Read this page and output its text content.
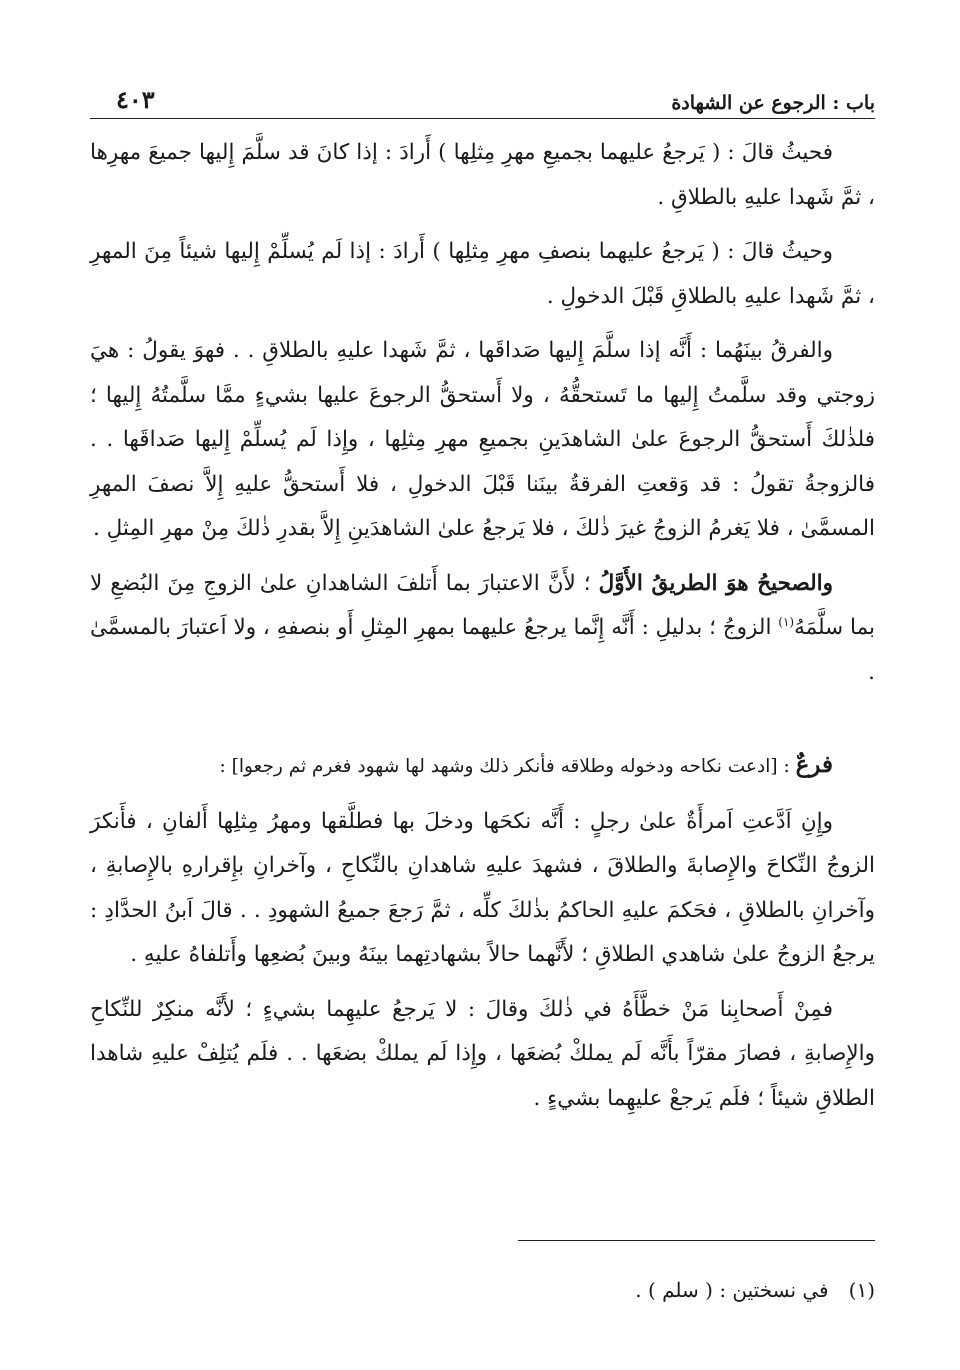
باب : الرجوع عن الشهادة
٤٠٣

فحيثُ قالَ : ( يَرجعُ عليهما بجميعِ مهرِ مِثلِها ) أَرادَ : إذا كانَ قد سلَّمَ إِليها جميعَ مهرِها ، ثمَّ شَهدا عليهِ بالطلاقِ .

وحيثُ قالَ : ( يَرجعُ عليهما بنصفِ مهرِ مِثلِها ) أَرادَ : إذا لَم يُسلِّمْ إِليها شيئاً مِنَ المهرِ ، ثمَّ شَهدا عليهِ بالطلاقِ قَبْلَ الدخولِ .

والفرقُ بينَهُما : أَنَّه إذا سلَّمَ إِليها صَداقَها ، ثمَّ شَهدا عليهِ بالطلاقِ . . فهوَ يقولُ : هيَ زوجتي وقد سلَّمتُ إِليها ما تَستحقُّهُ ، ولا أَستحقُّ الرجوعَ عليها بشيءٍ ممَّا سلَّمتُهُ إِليها ؛ فلذٰلكَ أَستحقُّ الرجوعَ علىٰ الشاهدَينِ بجميعِ مهرِ مِثلِها ، وإِذا لَم يُسلِّمْ إِليها صَداقَها . . فالزوجةُ تقولُ : قد وَقعتِ الفرقةُ بينَنا قَبْلَ الدخولِ ، فلا أَستحقُّ عليهِ إِلاَّ نصفَ المهرِ المسمَّىٰ ، فلا يَغرمُ الزوجُ غيرَ ذٰلكَ ، فلا يَرجعُ علىٰ الشاهدَينِ إِلاَّ بقدرِ ذٰلكَ مِنْ مهرِ المِثلِ .

والصحيحُ هوَ الطريقُ الأَوَّلُ ؛ لأَنَّ الاعتبارَ بما أَتلفَ الشاهدانِ علىٰ الزوجِ مِنَ البُضعِ لا بما سلَّمَهُ$^{(١)}$ الزوجُ ؛ بدليلِ : أَنَّه إِنَّما يرجعُ عليهما بمهرِ المِثلِ أَو بنصفهِ ، ولا اَعتبارَ بالمسمَّىٰ .

فرعٌ : [ادعت نكاحه ودخوله وطلاقه فأنكر ذلك وشهد لها شهود فغرم ثم رجعوا] :

وإِنِ اَدَّعتِ اَمرأَةٌ علىٰ رجلٍ : أَنَّه نكحَها ودخلَ بها فطلَّقها ومهرُ مِثلِها أَلفانِ ، فأَنكرَ الزوجُ النِّكاحَ والإِصابةَ والطلاقَ ، فشهدَ عليهِ شاهدانِ بالنِّكاحِ ، وآخرانِ بإِقرارهِ بالإِصابةِ ، وآخرانِ بالطلاقِ ، فحَكمَ عليهِ الحاكمُ بذٰلكَ كلِّه ، ثمَّ رَجعَ جميعُ الشهودِ . . قالَ اَبنُ الحدَّادِ : يرجعُ الزوجُ علىٰ شاهدي الطلاقِ ؛ لأَنَّهما حالاً بشهادتِهما بينَهُ وبينَ بُضعِها وأَتلفاهُ عليهِ .

فمِنْ أَصحابِنا مَنْ خطَّأَهُ في ذٰلكَ وقالَ : لا يَرجعُ عليهِما بشيءٍ ؛ لأَنَّه منكِرٌ للنِّكاحِ والإِصابةِ ، فصارَ مقرّاً بأَنَّه لَم يملكْ بُضعَها ، وإِذا لَم يملكْ بضعَها . . فلَم يُتلِفْ عليهِ شاهدا الطلاقِ شيئاً ؛ فلَم يَرجعْ عليهِما بشيءٍ .

(١)في نسختين : ( سلم ) .
